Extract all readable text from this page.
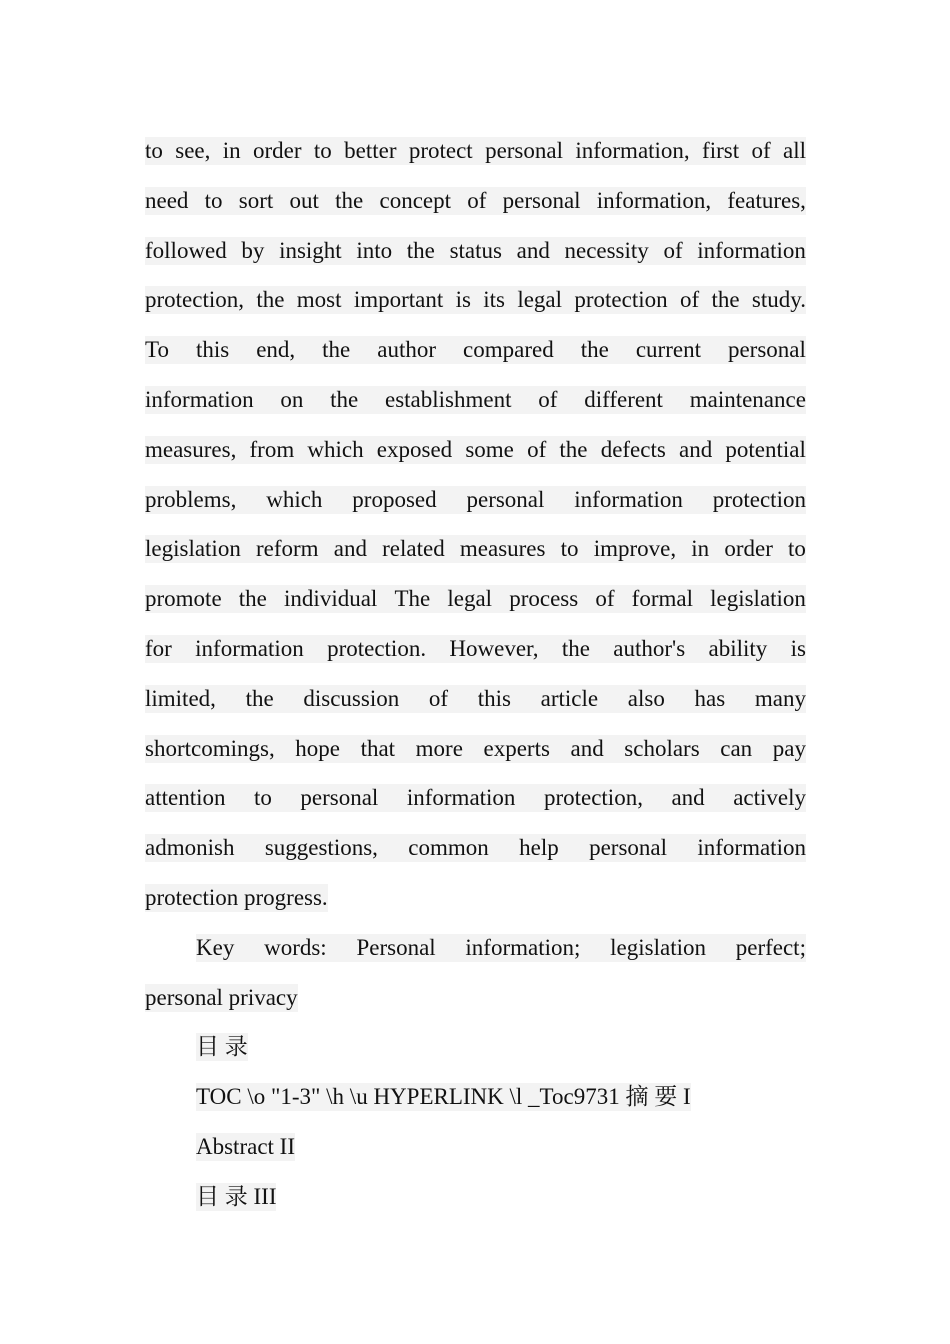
to see, in order to better protect personal information, first of all
need to sort out the concept of personal information, features,
followed by insight into the status and necessity of information
protection, the most important is its legal protection of the study.
To this end, the author compared the current personal
information on the establishment of different maintenance
measures, from which exposed some of the defects and potential
problems, which proposed personal information protection
legislation reform and related measures to improve, in order to
promote the individual The legal process of formal legislation
for information protection. However, the author's ability is
limited, the discussion of this article also has many
shortcomings, hope that more experts and scholars can pay
attention to personal information protection, and actively
admonish suggestions, common help personal information
protection progress.
Key words: Personal information; legislation perfect;
personal privacy
目 录
TOC \o "1-3" \h \u HYPERLINK \l _Toc9731 摘 要 I
Abstract II
目 录 III
